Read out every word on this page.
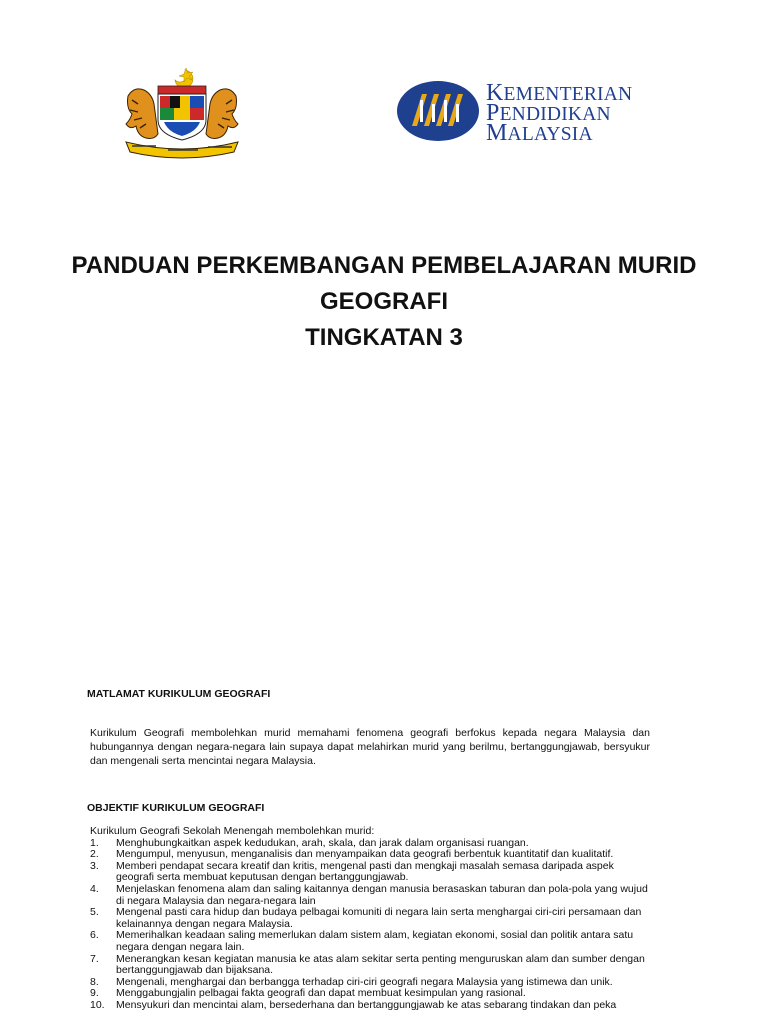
KEMENTERIAN
PENDIDIKAN
MALAYSIA
PANDUAN PERKEMBANGAN PEMBELAJARAN MURID
GEOGRAFI
TINGKATAN 3
MATLAMAT KURIKULUM GEOGRAFI
Kurikulum Geografi membolehkan murid memahami fenomena geografi berfokus kepada negara Malaysia dan hubungannya dengan negara-negara lain supaya dapat melahirkan murid yang berilmu, bertanggungjawab, bersyukur dan mengenali serta mencintai negara Malaysia.
OBJEKTIF KURIKULUM GEOGRAFI
Kurikulum Geografi Sekolah Menengah membolehkan murid:
1.	Menghubungkaitkan aspek kedudukan, arah, skala, dan jarak dalam organisasi ruangan.
2.	Mengumpul, menyusun, menganalisis dan menyampaikan data geografi berbentuk kuantitatif dan kualitatif.
3.	Memberi pendapat secara kreatif dan kritis, mengenal pasti dan mengkaji masalah semasa daripada aspek geografi serta membuat keputusan dengan bertanggungjawab.
4.	Menjelaskan fenomena alam dan saling kaitannya dengan manusia berasaskan taburan dan pola-pola yang wujud di negara Malaysia dan negara-negara lain
5.	Mengenal pasti cara hidup dan budaya pelbagai komuniti di negara lain serta menghargai ciri-ciri persamaan dan kelainannya dengan negara Malaysia.
6.	Memerihalkan keadaan saling memerlukan dalam sistem alam, kegiatan ekonomi, sosial dan politik antara satu negara dengan negara lain.
7.	Menerangkan kesan kegiatan manusia ke atas alam sekitar serta penting menguruskan alam dan sumber dengan bertanggungjawab dan bijaksana.
8.	Mengenali, menghargai dan berbangga terhadap ciri-ciri geografi negara Malaysia yang istimewa dan unik.
9.	Menggabungjalin pelbagai fakta geografi dan dapat membuat kesimpulan yang rasional.
10.	Mensyukuri dan mencintai alam, bersederhana dan bertanggungjawab ke atas sebarang tindakan dan peka
